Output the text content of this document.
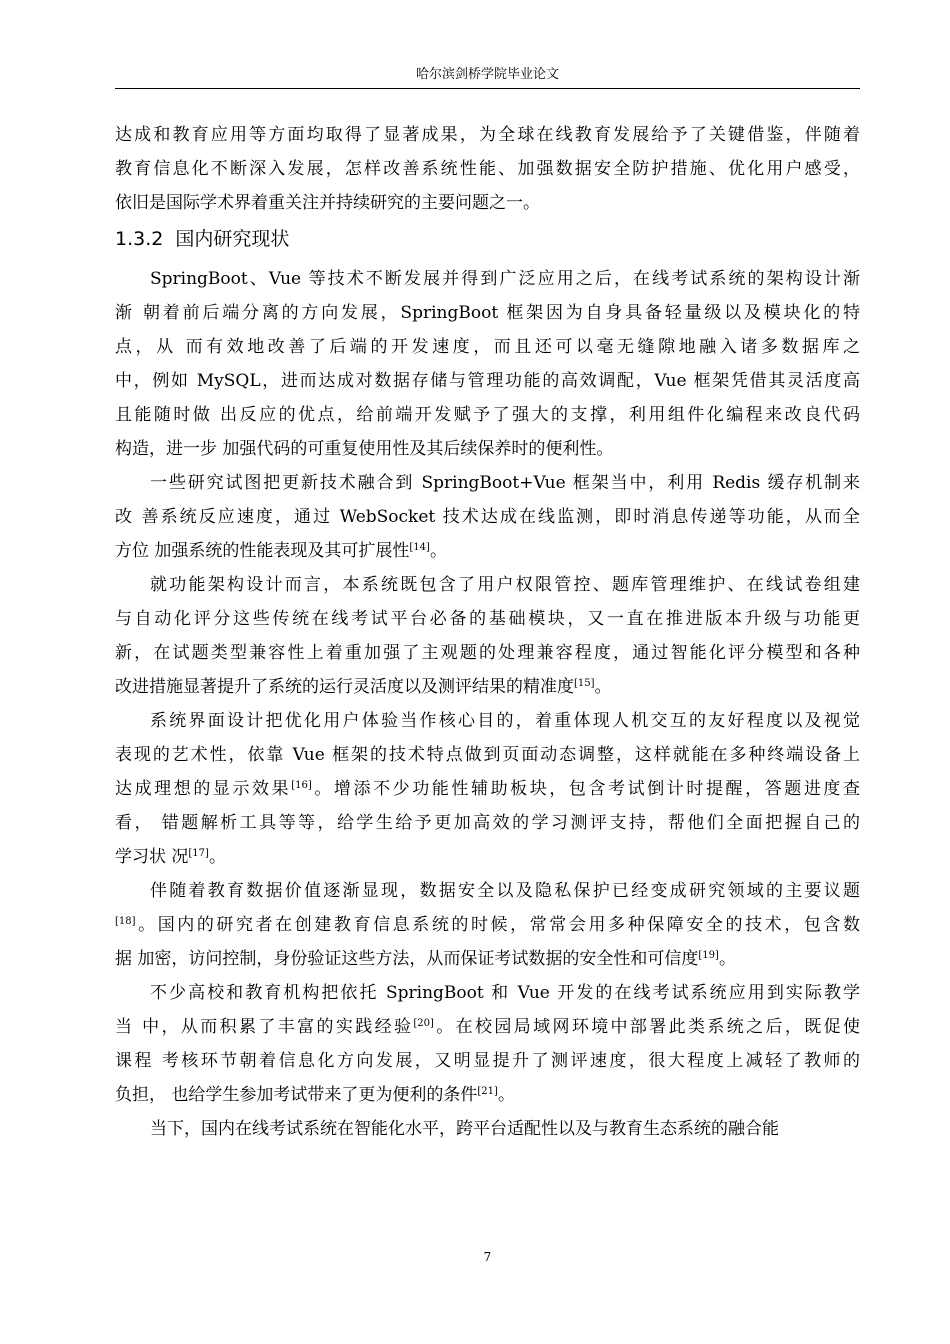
哈尔滨剑桥学院毕业论文
达成和教育应用等方面均取得了显著成果，为全球在线教育发展给予了关键借鉴，伴随着
教育信息化不断深入发展，怎样改善系统性能、加强数据安全防护措施、优化用户感受，
依旧是国际学术界着重关注并持续研究的主要问题之一。
1.3.2 国内研究现状
SpringBoot、Vue 等技术不断发展并得到广泛应用之后，在线考试系统的架构设计渐
渐 朝着前后端分离的方向发展，SpringBoot 框架因为自身具备轻量级以及模块化的特
点，从 而有效地改善了后端的开发速度，而且还可以毫无缝隙地融入诸多数据库之
中，例如 MySQL，进而达成对数据存储与管理功能的高效调配，Vue 框架凭借其灵活度高
且能随时做 出反应的优点，给前端开发赋予了强大的支撑，利用组件化编程来改良代码
构造，进一步 加强代码的可重复使用性及其后续保养时的便利性。
一些研究试图把更新技术融合到 SpringBoot+Vue 框架当中，利用 Redis 缓存机制来
改 善系统反应速度，通过 WebSocket 技术达成在线监测，即时消息传递等功能，从而全
方位 加强系统的性能表现及其可扩展性[14]。
就功能架构设计而言，本系统既包含了用户权限管控、题库管理维护、在线试卷组建
与自动化评分这些传统在线考试平台必备的基础模块，又一直在推进版本升级与功能更
新，在试题类型兼容性上着重加强了主观题的处理兼容程度，通过智能化评分模型和各种
改进措施显著提升了系统的运行灵活度以及测评结果的精准度[15]。
系统界面设计把优化用户体验当作核心目的，着重体现人机交互的友好程度以及视觉
表现的艺术性，依靠 Vue 框架的技术特点做到页面动态调整，这样就能在多种终端设备上
达成理想的显示效果[16]。增添不少功能性辅助板块，包含考试倒计时提醒，答题进度查
看， 错题解析工具等等，给学生给予更加高效的学习测评支持，帮他们全面把握自己的
学习状 况[17]。
伴随着教育数据价值逐渐显现，数据安全以及隐私保护已经变成研究领域的主要议题
[18]。国内的研究者在创建教育信息系统的时候，常常会用多种保障安全的技术，包含数
据 加密，访问控制，身份验证这些方法，从而保证考试数据的安全性和可信度[19]。
不少高校和教育机构把依托 SpringBoot 和 Vue 开发的在线考试系统应用到实际教学
当 中，从而积累了丰富的实践经验[20]。在校园局域网环境中部署此类系统之后，既促使
课程 考核环节朝着信息化方向发展，又明显提升了测评速度，很大程度上减轻了教师的
负担， 也给学生参加考试带来了更为便利的条件[21]。
当下，国内在线考试系统在智能化水平，跨平台适配性以及与教育生态系统的融合能
7
